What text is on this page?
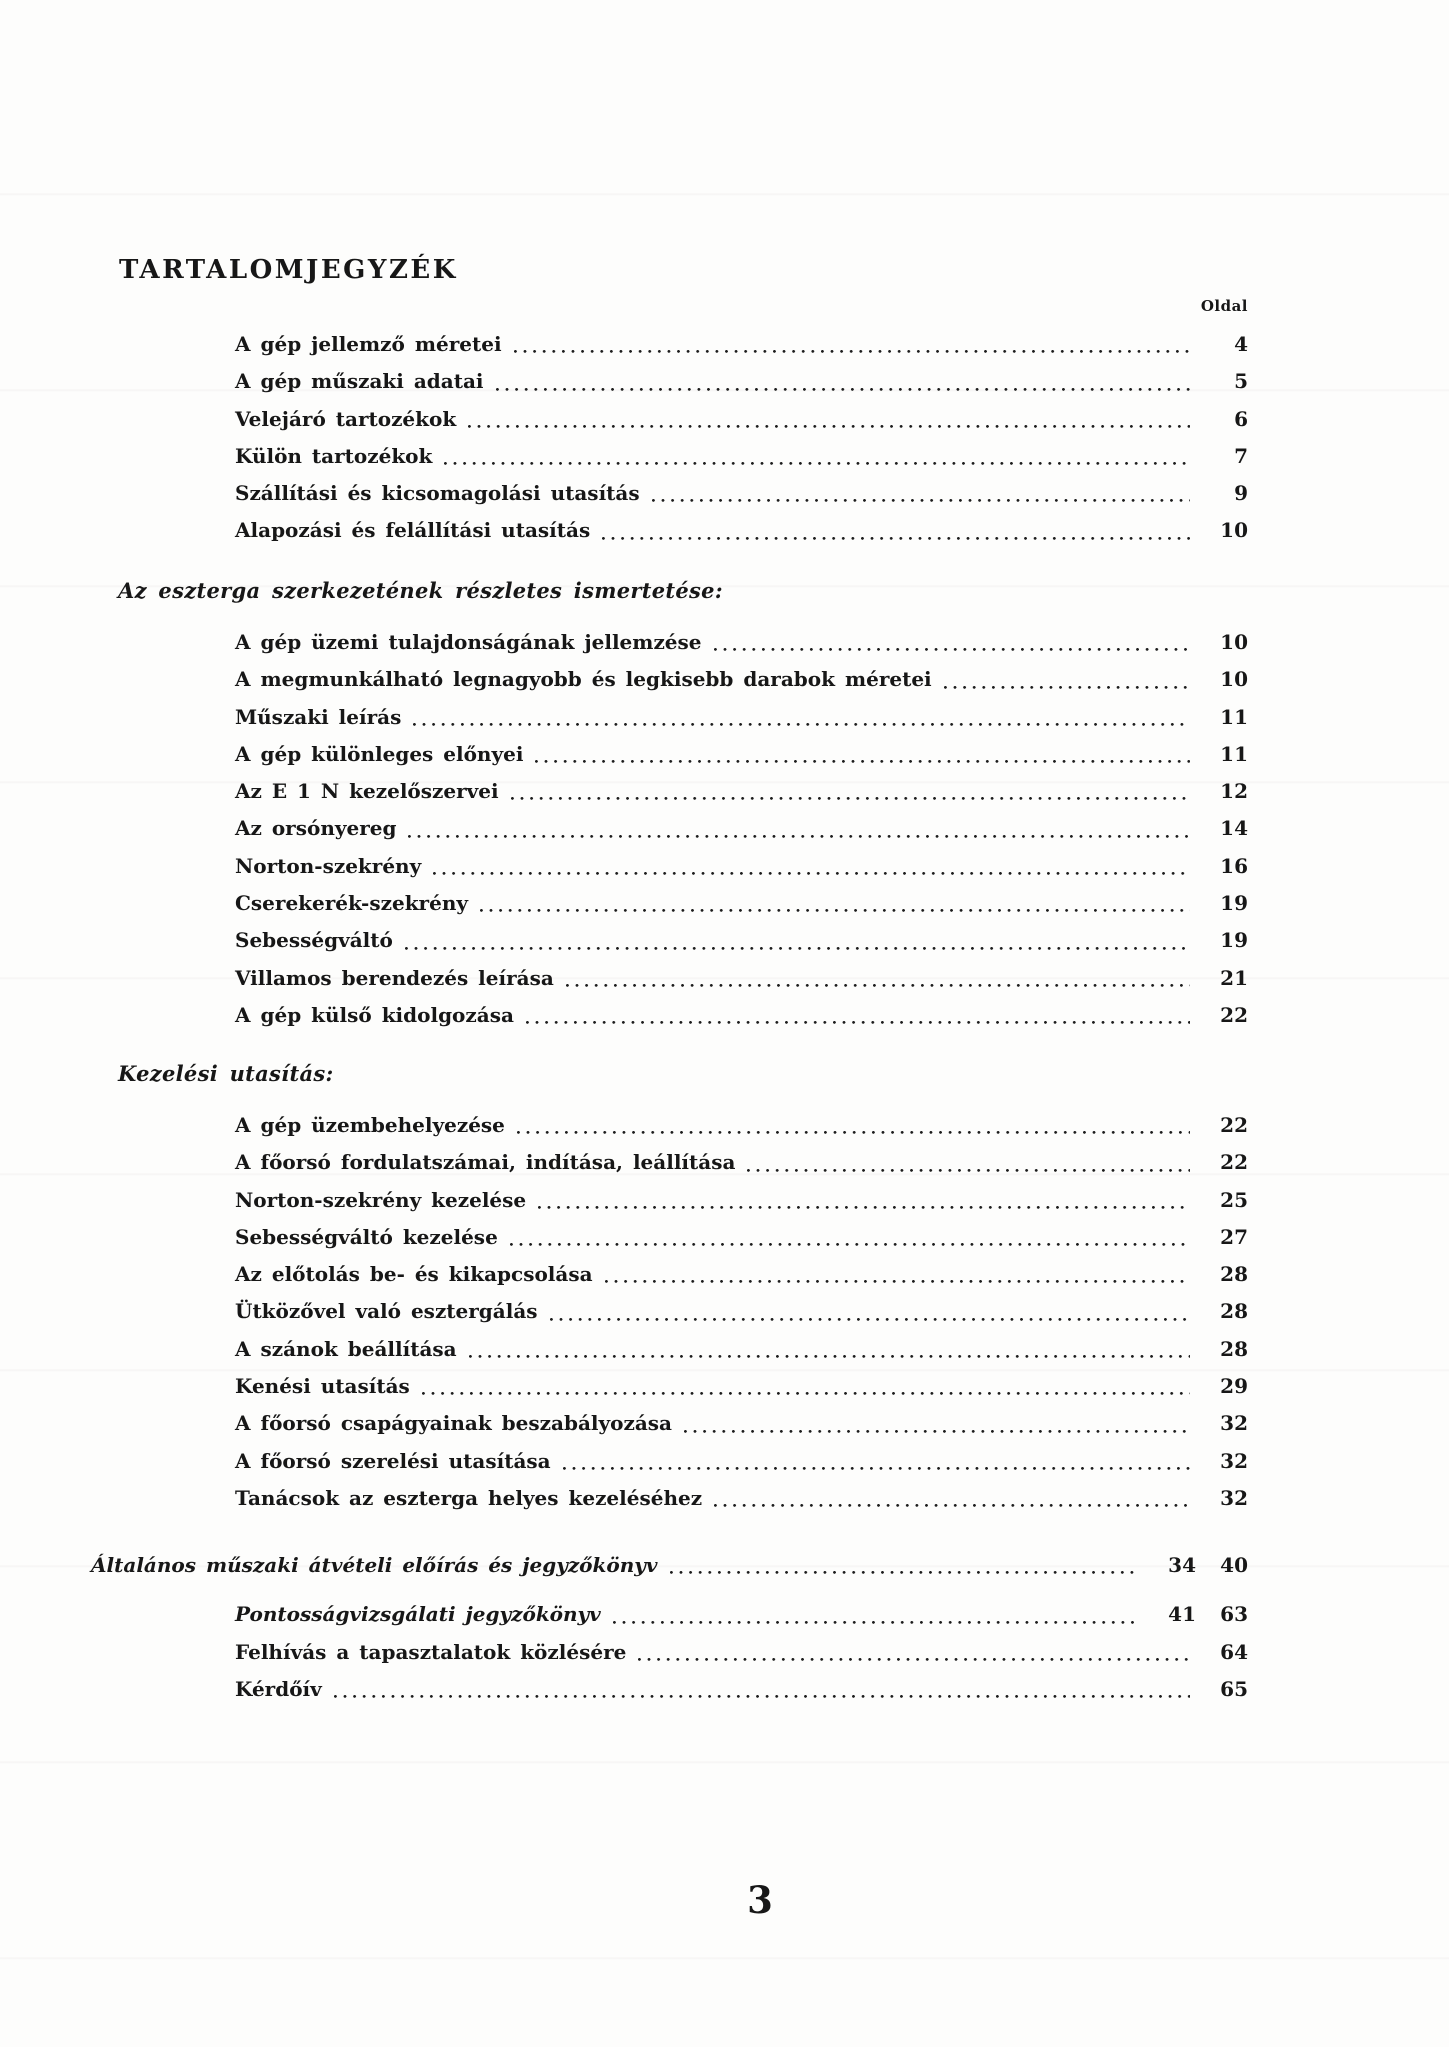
TARTALOMJEGYZÉK
Oldal
A gép jellemző méretei	4
A gép műszaki adatai	5
Velejáró tartozékok	6
Külön tartozékok	7
Szállítási és kicsomagolási utasítás	9
Alapozási és felállítási utasítás	10
Az eszterga szerkezetének részletes ismertetése:
A gép üzemi tulajdonságának jellemzése	10
A megmunkálható legnagyobb és legkisebb darabok méretei	10
Műszaki leírás	11
A gép különleges előnyei	11
Az E 1 N kezelőszervei	12
Az orsónyereg	14
Norton-szekrény	16
Cserekerék-szekrény	19
Sebességváltó	19
Villamos berendezés leírása	21
A gép külső kidolgozása	22
Kezelési utasítás:
A gép üzembehelyezése	22
A főorsó fordulatszámai, indítása, leállítása	22
Norton-szekrény kezelése	25
Sebességváltó kezelése	27
Az előtolás be- és kikapcsolása	28
Ütközővel való esztergálás	28
A szánok beállítása	28
Kenési utasítás	29
A főorsó csapágyainak beszabályozása	32
A főorsó szerelési utasítása	32
Tanácsok az eszterga helyes kezeléséhez	32
Általános műszaki átvételi előírás és jegyzőkönyv	34	40
Pontosságvizsgálati jegyzőkönyv	41	63
Felhívás a tapasztalatok közlésére	64
Kérdőív	65
3
